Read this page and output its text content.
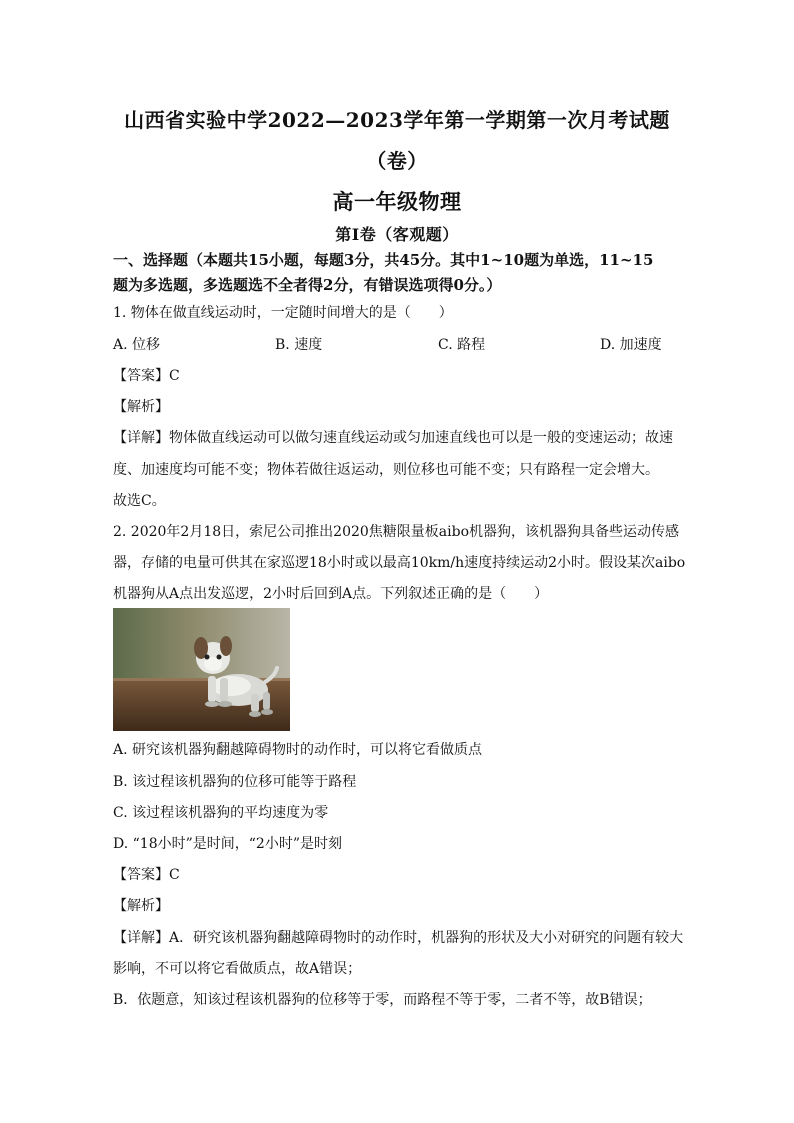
山西省实验中学2022—2023学年第一学期第一次月考试题
（卷）
高一年级物理
第I卷（客观题）
一、选择题（本题共15小题，每题3分，共45分。其中1~10题为单选，11~15
题为多选题，多选题选不全者得2分，有错误选项得0分。）
1. 物体在做直线运动时，一定随时间增大的是（　　）
A. 位移	B. 速度	C. 路程	D. 加速度
【答案】C
【解析】
【详解】物体做直线运动可以做匀速直线运动或匀加速直线也可以是一般的变速运动；故速
度、加速度均可能不变；物体若做往返运动，则位移也可能不变；只有路程一定会增大。
故选C。
2. 2020年2月18日，索尼公司推出2020焦糖限量板aibo机器狗，该机器狗具备些运动传感
器，存储的电量可供其在家巡逻18小时或以最高10km/h速度持续运动2小时。假设某次aibo
机器狗从A点出发巡逻，2小时后回到A点。下列叙述正确的是（　　）
A. 研究该机器狗翻越障碍物时的动作时，可以将它看做质点
B. 该过程该机器狗的位移可能等于路程
C. 该过程该机器狗的平均速度为零
D. “18小时”是时间，“2小时”是时刻
【答案】C
【解析】
【详解】A．研究该机器狗翻越障碍物时的动作时，机器狗的形状及大小对研究的问题有较大
影响，不可以将它看做质点，故A错误；
B．依题意，知该过程该机器狗的位移等于零，而路程不等于零，二者不等，故B错误；
